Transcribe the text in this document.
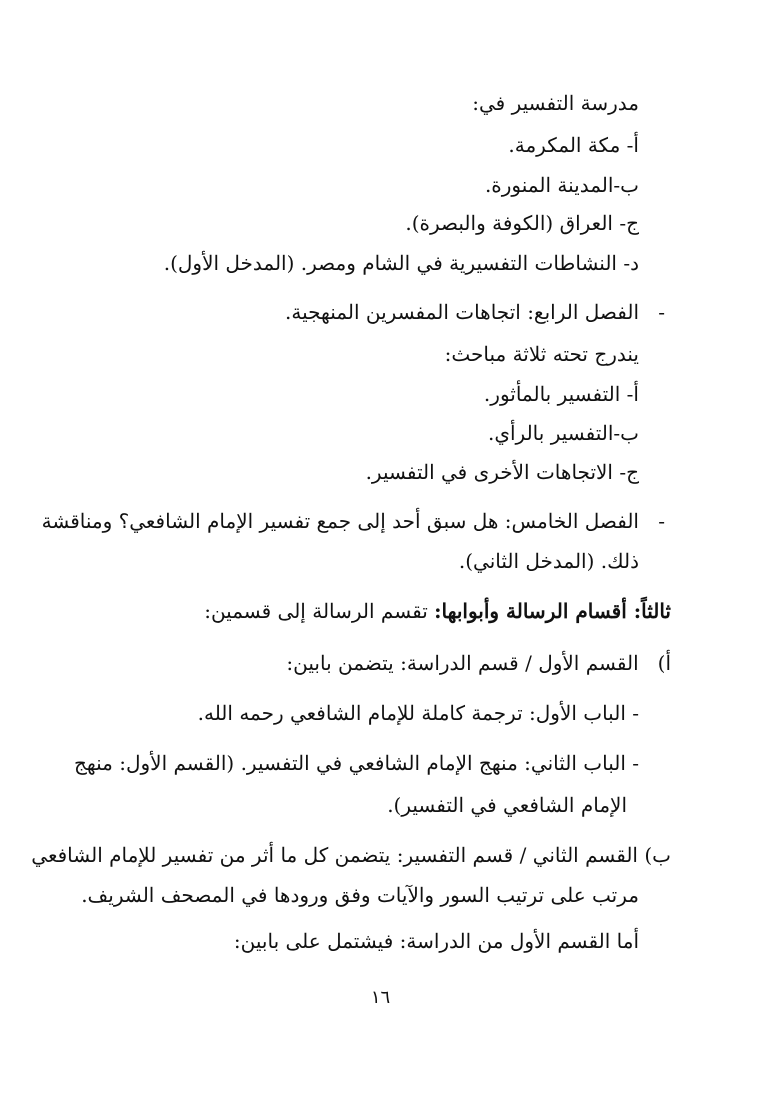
مدرسة التفسير في:
أ- مكة المكرمة.
ب-المدينة المنورة.
ج- العراق (الكوفة والبصرة).
د- النشاطات التفسيرية في الشام ومصر. (المدخل الأول).
-
الفصل الرابع: اتجاهات المفسرين المنهجية.
يندرج تحته ثلاثة مباحث:
أ- التفسير بالمأثور.
ب-التفسير بالرأي.
ج- الاتجاهات الأخرى في التفسير.
-
الفصل الخامس: هل سبق أحد إلى جمع تفسير الإمام الشافعي؟ ومناقشة
ذلك. (المدخل الثاني).
ثالثاً: أقسام الرسالة وأبوابها: تقسم الرسالة إلى قسمين:
أ) القسم الأول / قسم الدراسة: يتضمن بابين:
- الباب الأول: ترجمة كاملة للإمام الشافعي رحمه الله.
- الباب الثاني: منهج الإمام الشافعي في التفسير. (القسم الأول: منهج
الإمام الشافعي في التفسير).
ب) القسم الثاني / قسم التفسير: يتضمن كل ما أثر من تفسير للإمام الشافعي
مرتب على ترتيب السور والآيات وفق ورودها في المصحف الشريف.
أما القسم الأول من الدراسة: فيشتمل على بابين:
١٦
